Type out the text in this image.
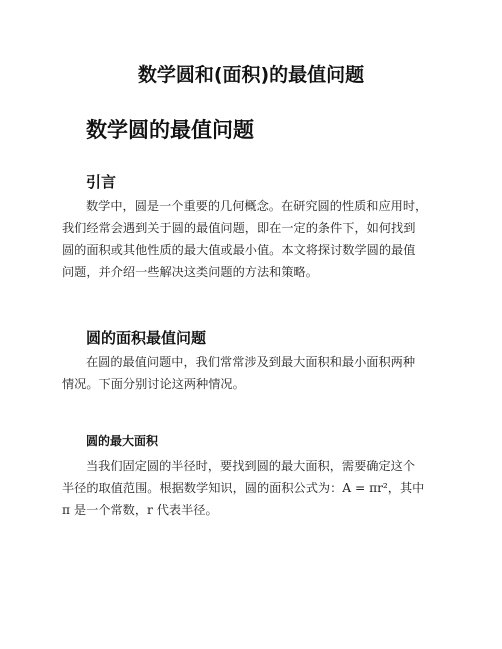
数学圆和(面积)的最值问题
数学圆的最值问题
引言
数学中，圆是一个重要的几何概念。在研究圆的性质和应用时，
我们经常会遇到关于圆的最值问题，即在一定的条件下，如何找到
圆的面积或其他性质的最大值或最小值。本文将探讨数学圆的最值
问题，并介绍一些解决这类问题的方法和策略。
圆的面积最值问题
在圆的最值问题中，我们常常涉及到最大面积和最小面积两种
情况。下面分别讨论这两种情况。
圆的最大面积
当我们固定圆的半径时，要找到圆的最大面积，需要确定这个
半径的取值范围。根据数学知识，圆的面积公式为：A = πr²，其中
π 是一个常数，r 代表半径。
